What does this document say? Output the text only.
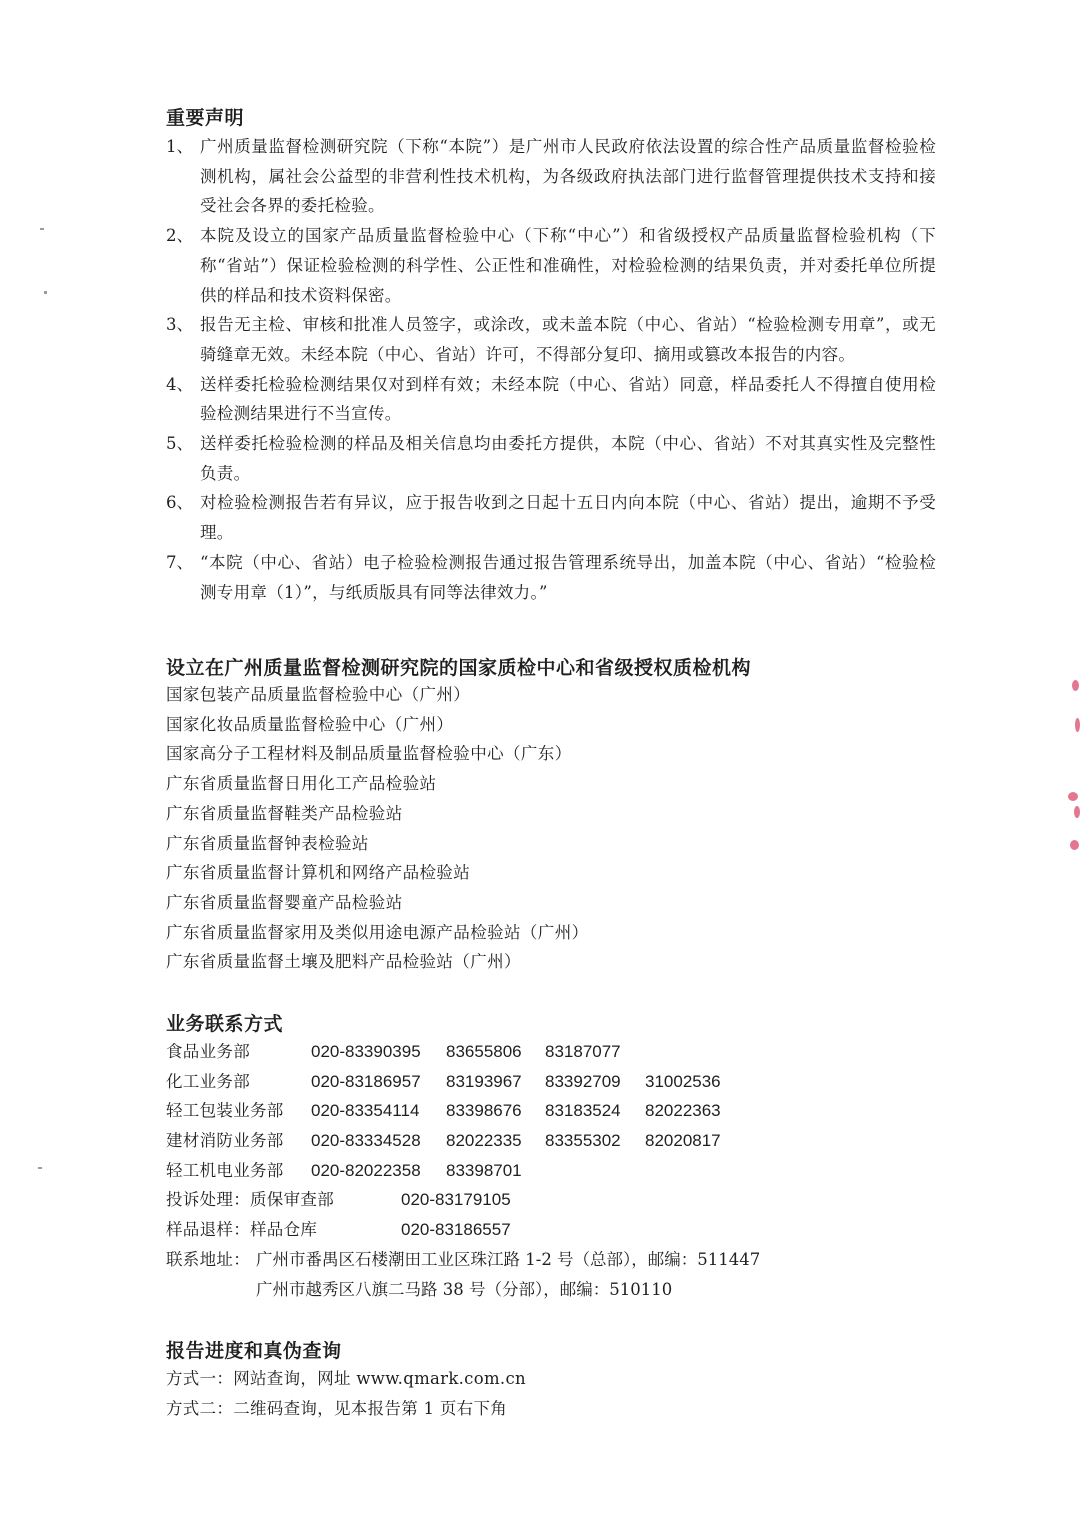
重要声明
1、 广州质量监督检测研究院（下称“本院”）是广州市人民政府依法设置的综合性产品质量监督检验检测机构，属社会公益型的非营利性技术机构，为各级政府执法部门进行监督管理提供技术支持和接受社会各界的委托检验。
2、 本院及设立的国家产品质量监督检验中心（下称“中心”）和省级授权产品质量监督检验机构（下称“省站”）保证检验检测的科学性、公正性和准确性，对检验检测的结果负责，并对委托单位所提供的样品和技术资料保密。
3、 报告无主检、审核和批准人员签字，或涂改，或未盖本院（中心、省站）“检验检测专用章”，或无骑缝章无效。未经本院（中心、省站）许可，不得部分复印、摘用或篡改本报告的内容。
4、 送样委托检验检测结果仅对到样有效；未经本院（中心、省站）同意，样品委托人不得擅自使用检验检测结果进行不当宣传。
5、 送样委托检验检测的样品及相关信息均由委托方提供，本院（中心、省站）不对其真实性及完整性负责。
6、 对检验检测报告若有异议，应于报告收到之日起十五日内向本院（中心、省站）提出，逾期不予受理。
7、 “本院（中心、省站）电子检验检测报告通过报告管理系统导出，加盖本院（中心、省站）“检验检测专用章（1）”，与纸质版具有同等法律效力。”
设立在广州质量监督检测研究院的国家质检中心和省级授权质检机构
国家包装产品质量监督检验中心（广州）
国家化妆品质量监督检验中心（广州）
国家高分子工程材料及制品质量监督检验中心（广东）
广东省质量监督日用化工产品检验站
广东省质量监督鞋类产品检验站
广东省质量监督钟表检验站
广东省质量监督计算机和网络产品检验站
广东省质量监督婴童产品检验站
广东省质量监督家用及类似用途电源产品检验站（广州）
广东省质量监督土壤及肥料产品检验站（广州）
业务联系方式
食品业务部	020-83390395 83655806 83187077
化工业务部	020-83186957 83193967 83392709 31002536
轻工包装业务部 020-83354114 83398676 83183524 82022363
建材消防业务部 020-83334528 82022335 83355302 82020817
轻工机电业务部 020-82022358 83398701
投诉处理：质保审查部	020-83179105
样品退样：样品仓库	020-83186557
联系地址： 广州市番禺区石楼潮田工业区珠江路 1-2 号（总部），邮编：511447
广州市越秀区八旗二马路 38 号（分部），邮编：510110
报告进度和真伪查询
方式一：网站查询，网址 www.qmark.com.cn
方式二：二维码查询，见本报告第 1 页右下角
